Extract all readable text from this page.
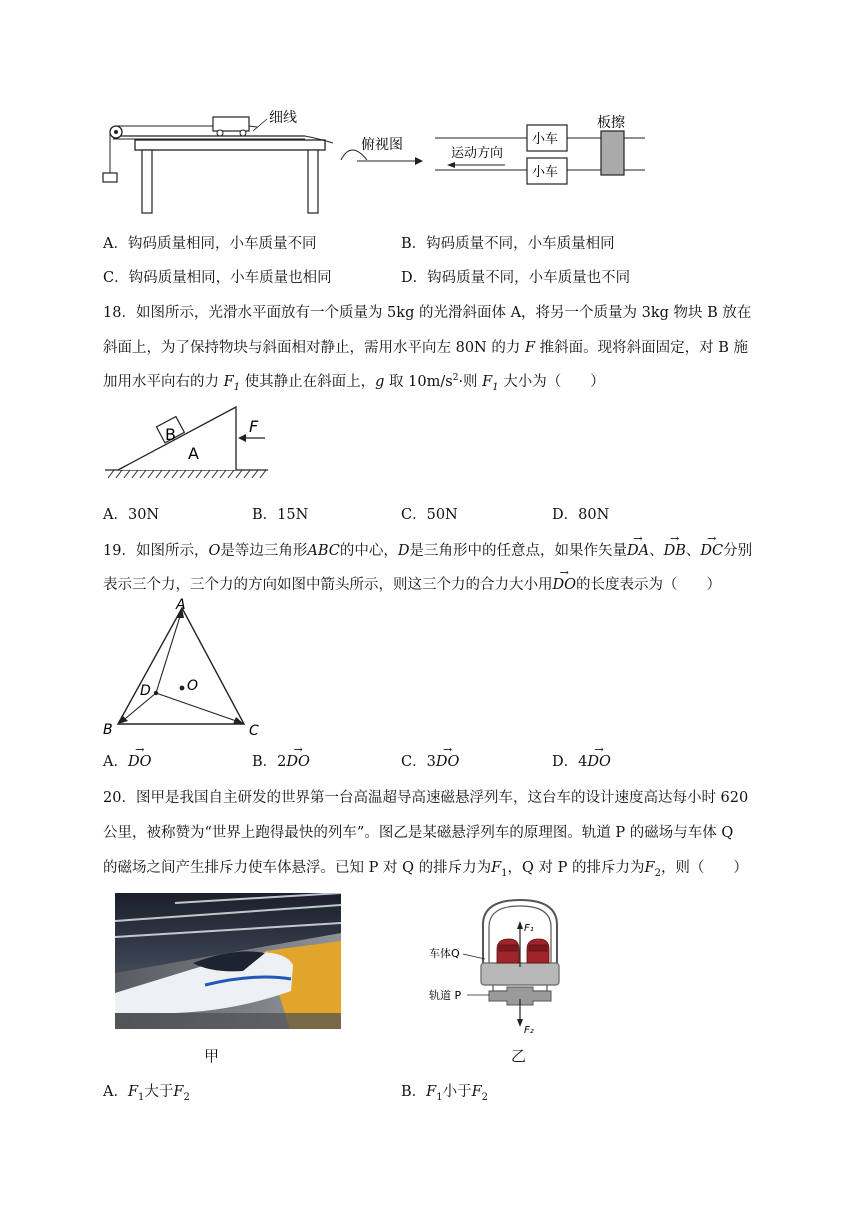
细线
俯视图	小车
小车
板擦
运动方向
A．钩码质量相同，小车质量不同	B．钩码质量不同，小车质量相同
C．钩码质量相同，小车质量也相同	D．钩码质量不同，小车质量也不同
18．如图所示，光滑水平面放有一个质量为 5kg 的光滑斜面体 A，将另一个质量为 3kg 物块 B 放在
斜面上，为了保持物块与斜面相对静止，需用水平向左 80N 的力 F 推斜面。现将斜面固定，对 B 施
加用水平向右的力 $F_1$ 使其静止在斜面上，g 取 $10m/s^2\cdot$则 $F_1$ 大小为（　　）
B
A
F
A．30N	B．15N	C．50N	D．80N
19．如图所示，O是等边三角形ABC的中心，D是三角形中的任意点，如果作矢量→ DA、→ DB、→ DC分别
表示三个力，三个力的方向如图中箭头所示，则这三个力的合力大小用→ DO的长度表示为（　　）
A
B	C
D	O
A．→ DO	B．2→ DO	C．3→ DO	D．4→ DO
20．图甲是我国自主研发的世界第一台高温超导高速磁悬浮列车，这台车的设计速度高达每小时 620
公里，被称赞为“世界上跑得最快的列车”。图乙是某磁悬浮列车的原理图。轨道 P 的磁场与车体 Q
的磁场之间产生排斥力使车体悬浮。已知 P 对 Q 的排斥力为$F_1$，Q 对 P 的排斥力为$F_2$，则（　　）
甲
F₁
F₂
车体Q
轨道 P
乙
A．$F_1$大于$F_2$	B．$F_1$小于$F_2$
